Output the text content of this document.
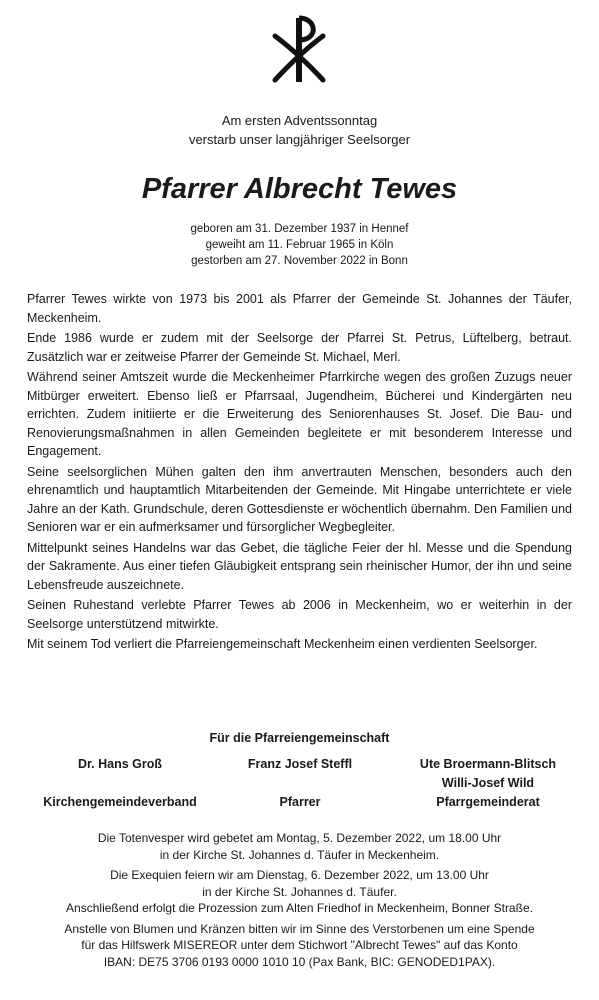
Am ersten Adventssonntag
verstarb unser langjähriger Seelsorger
Pfarrer Albrecht Tewes
geboren am 31. Dezember 1937 in Hennef
geweiht am 11. Februar 1965 in Köln
gestorben am 27. November 2022 in Bonn

Pfarrer Tewes wirkte von 1973 bis 2001 als Pfarrer der Gemeinde St. Johannes der Täufer, Meckenheim.

Ende 1986 wurde er zudem mit der Seelsorge der Pfarrei St. Petrus, Lüftelberg, betraut. Zusätzlich war er zeitweise Pfarrer der Gemeinde St. Michael, Merl.

Während seiner Amtszeit wurde die Meckenheimer Pfarrkirche wegen des großen Zuzugs neuer Mitbürger erweitert. Ebenso ließ er Pfarrsaal, Jugendheim, Bücherei und Kindergärten neu errichten. Zudem initiierte er die Erweiterung des Seniorenhauses St. Josef. Die Bau- und Renovierungsmaßnahmen in allen Gemeinden begleitete er mit besonderem Interesse und Engagement.

Seine seelsorglichen Mühen galten den ihm anvertrauten Menschen, besonders auch den ehrenamtlich und hauptamtlich Mitarbeitenden der Gemeinde. Mit Hingabe unterrichtete er viele Jahre an der Kath. Grundschule, deren Gottesdienste er wöchentlich übernahm. Den Familien und Senioren war er ein aufmerksamer und fürsorglicher Wegbegleiter.

Mittelpunkt seines Handelns war das Gebet, die tägliche Feier der hl. Messe und die Spendung der Sakramente. Aus einer tiefen Gläubigkeit entsprang sein rheinischer Humor, der ihn und seine Lebensfreude auszeichnete.

Seinen Ruhestand verlebte Pfarrer Tewes ab 2006 in Meckenheim, wo er weiterhin in der Seelsorge unterstützend mitwirkte.

Mit seinem Tod verliert die Pfarreiengemeinschaft Meckenheim einen verdienten Seelsorger.

Für die Pfarreiengemeinschaft
Dr. Hans Groß	Franz Josef Steffl	Ute Broermann-Blitsch
Willi-Josef Wild
Kirchengemeindeverband	Pfarrer	Pfarrgemeinderat

Die Totenvesper wird gebetet am Montag, 5. Dezember 2022, um 18.00 Uhr
in der Kirche St. Johannes d. Täufer in Meckenheim.

Die Exequien feiern wir am Dienstag, 6. Dezember 2022, um 13.00 Uhr
in der Kirche St. Johannes d. Täufer.
Anschließend erfolgt die Prozession zum Alten Friedhof in Meckenheim, Bonner Straße.

Anstelle von Blumen und Kränzen bitten wir im Sinne des Verstorbenen um eine Spende
für das Hilfswerk MISEREOR unter dem Stichwort "Albrecht Tewes" auf das Konto
IBAN: DE75 3706 0193 0000 1010 10 (Pax Bank, BIC: GENODED1PAX).
